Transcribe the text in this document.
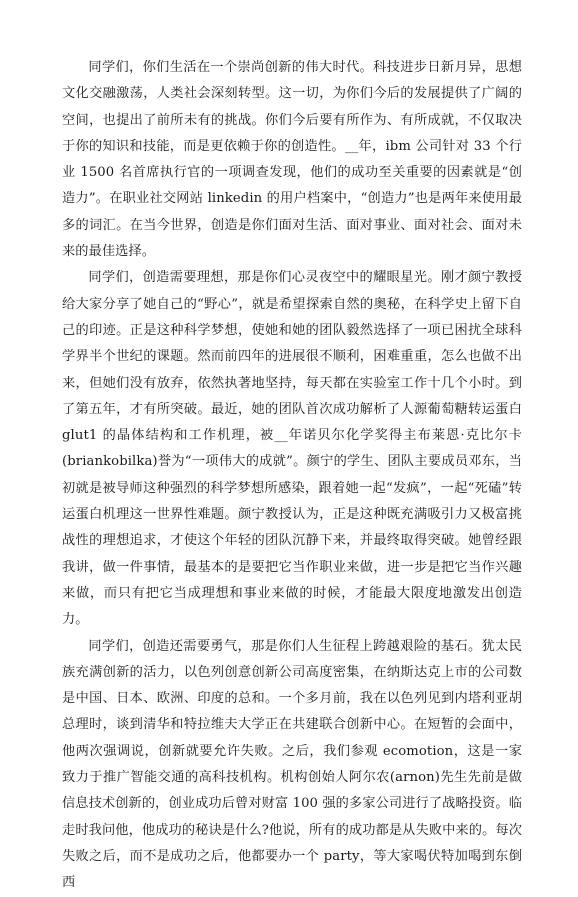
同学们，你们生活在一个崇尚创新的伟大时代。科技进步日新月异，思想文化交融激荡，人类社会深刻转型。这一切，为你们今后的发展提供了广阔的空间，也提出了前所未有的挑战。你们今后要有所作为、有所成就，不仅取决于你的知识和技能，而是更依赖于你的创造性。__年，ibm 公司针对 33 个行业 1500 名首席执行官的一项调查发现，他们的成功至关重要的因素就是“创造力”。在职业社交网站 linkedin 的用户档案中，“创造力”也是两年来使用最多的词汇。在当今世界，创造是你们面对生活、面对事业、面对社会、面对未来的最佳选择。

同学们，创造需要理想，那是你们心灵夜空中的耀眼星光。刚才颜宁教授给大家分享了她自己的“野心”，就是希望探索自然的奥秘，在科学史上留下自己的印迹。正是这种科学梦想，使她和她的团队毅然选择了一项已困扰全球科学界半个世纪的课题。然而前四年的进展很不顺利，困难重重，怎么也做不出来，但她们没有放弃，依然执著地坚持，每天都在实验室工作十几个小时。到了第五年，才有所突破。最近，她的团队首次成功解析了人源葡萄糖转运蛋白 glut1 的晶体结构和工作机理，被__年诺贝尔化学奖得主布莱恩·克比尔卡(briankobilka)誉为“一项伟大的成就”。颜宁的学生、团队主要成员邓东，当初就是被导师这种强烈的科学梦想所感染，跟着她一起“发疯”，一起“死磕”转运蛋白机理这一世界性难题。颜宁教授认为，正是这种既充满吸引力又极富挑战性的理想追求，才使这个年轻的团队沉静下来，并最终取得突破。她曾经跟我讲，做一件事情，最基本的是要把它当作职业来做，进一步是把它当作兴趣来做，而只有把它当成理想和事业来做的时候，才能最大限度地激发出创造力。

同学们，创造还需要勇气，那是你们人生征程上跨越艰险的基石。犹太民族充满创新的活力，以色列创意创新公司高度密集，在纳斯达克上市的公司数是中国、日本、欧洲、印度的总和。一个多月前，我在以色列见到内塔利亚胡总理时，谈到清华和特拉维夫大学正在共建联合创新中心。在短暂的会面中，他两次强调说，创新就要允许失败。之后，我们参观 ecomotion，这是一家致力于推广智能交通的高科技机构。机构创始人阿尔农(arnon)先生先前是做信息技术创新的，创业成功后曾对财富 100 强的多家公司进行了战略投资。临走时我问他，他成功的秘诀是什么?他说，所有的成功都是从失败中来的。每次失败之后，而不是成功之后，他都要办一个 party，等大家喝伏特加喝到东倒西
